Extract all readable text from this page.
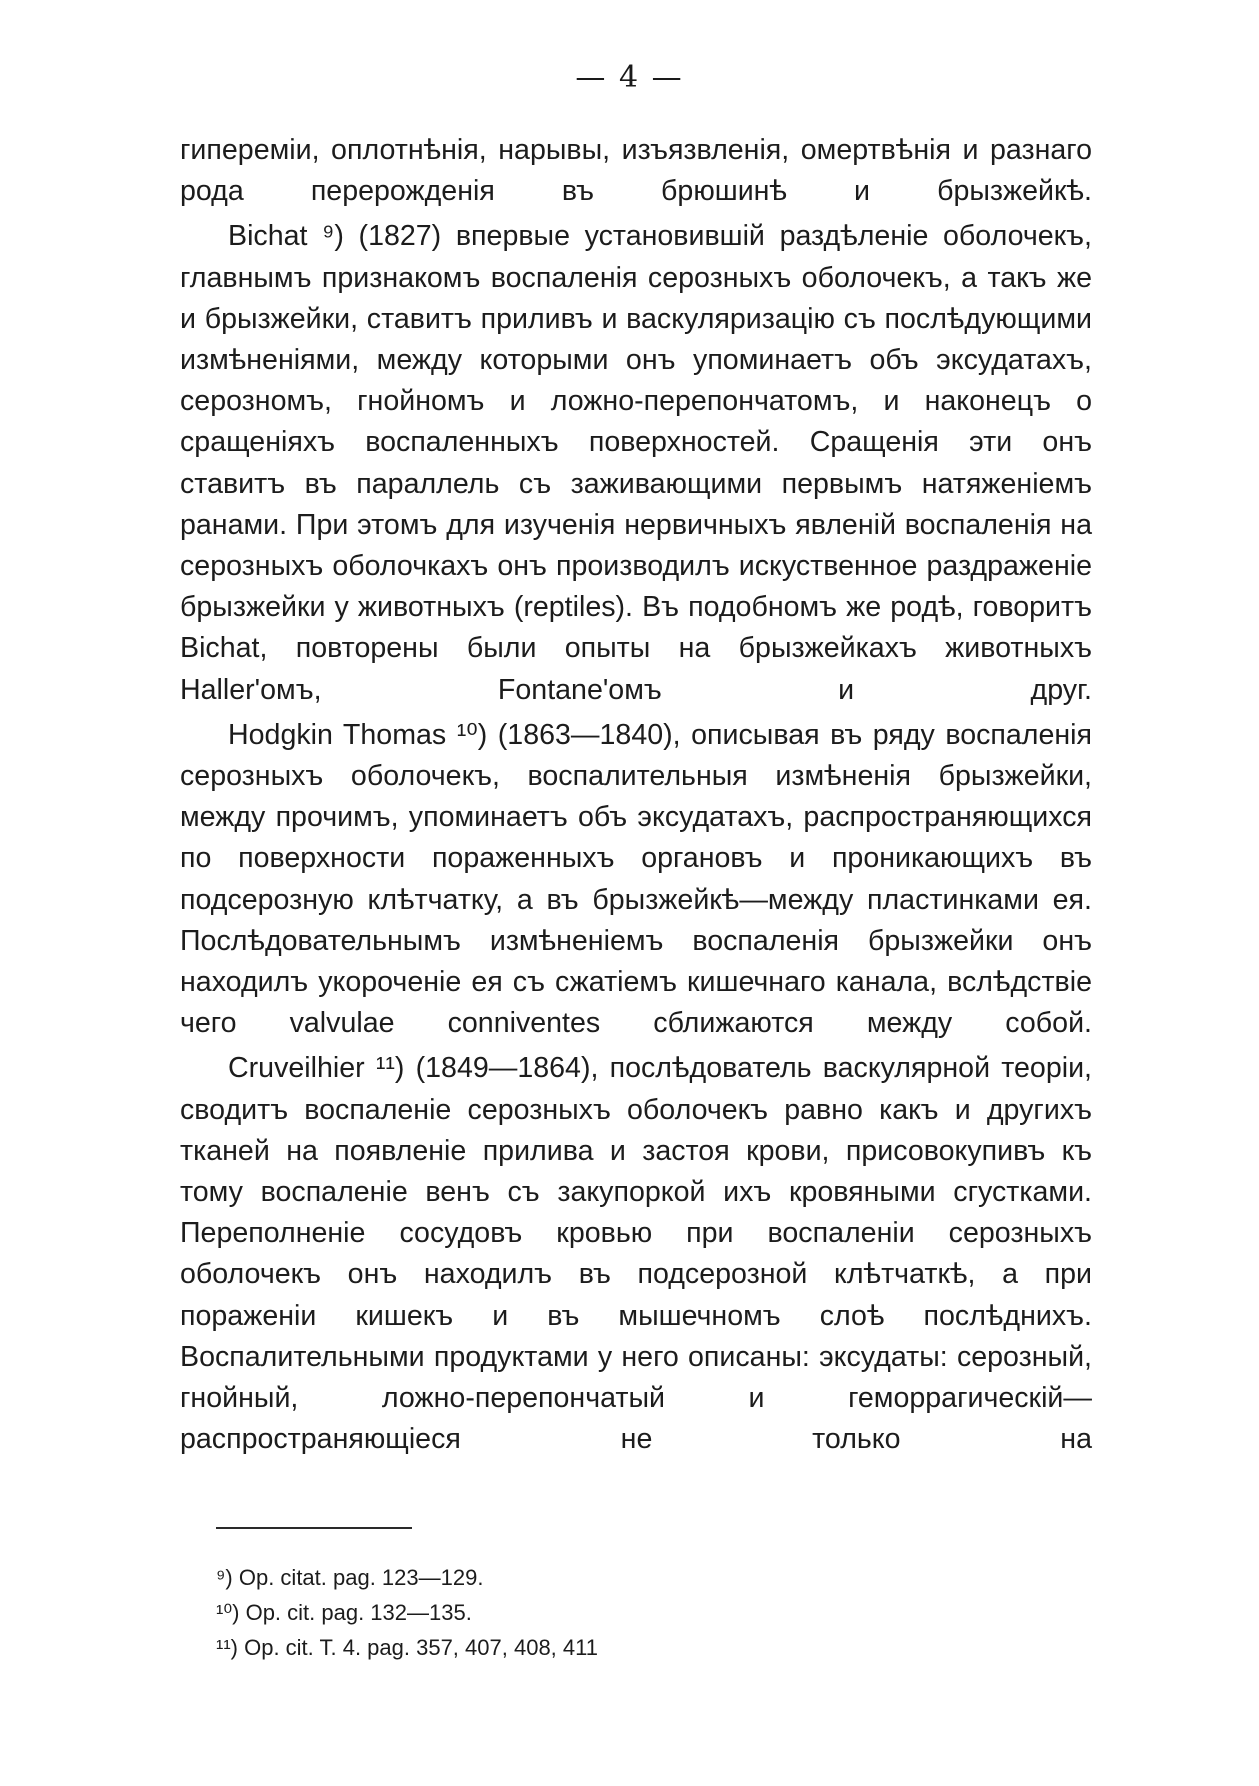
— 4 —

гипереміи, оплотнѣнія, нарывы, изъязвленія, омертвѣнія и разнаго рода перерожденія въ брюшинѣ и брызжейкѣ.

Bichat ⁹) (1827) впервые установившій раздѣленіе оболочекъ, главнымъ признакомъ воспаленія серозныхъ оболочекъ, а такъ же и брызжейки, ставитъ приливъ и васкуляризацію съ послѣдующими измѣненіями, между которыми онъ упоминаетъ объ эксудатахъ, серозномъ, гнойномъ и ложно-перепончатомъ, и наконецъ о сращеніяхъ воспаленныхъ поверхностей. Сращенія эти онъ ставитъ въ параллель съ заживающими первымъ натяженіемъ ранами. При этомъ для изученія нервичныхъ явленій воспаленія на серозныхъ оболочкахъ онъ производилъ искуственное раздраженіе брызжейки у животныхъ (reptiles). Въ подобномъ же родѣ, говоритъ Bichat, повторены были опыты на брызжейкахъ животныхъ Haller'омъ, Fontane'омъ и друг.

Hodgkin Thomas ¹⁰) (1863—1840), описывая въ ряду воспаленія серозныхъ оболочекъ, воспалительныя измѣненія брызжейки, между прочимъ, упоминаетъ объ эксудатахъ, распространяющихся по поверхности пораженныхъ органовъ и проникающихъ въ подсерозную клѣтчатку, а въ брызжейкѣ—между пластинками ея. Послѣдовательнымъ измѣненіемъ воспаленія брызжейки онъ находилъ укороченіе ея съ сжатіемъ кишечнаго канала, вслѣдствіе чего valvulae conniventes сближаются между собой.

Cruveilhier ¹¹) (1849—1864), послѣдователь васкулярной теоріи, сводитъ воспаленіе серозныхъ оболочекъ равно какъ и другихъ тканей на появленіе прилива и застоя крови, присовокупивъ къ тому воспаленіе венъ съ закупоркой ихъ кровяными сгустками. Переполненіе сосудовъ кровью при воспаленіи серозныхъ оболочекъ онъ находилъ въ подсерозной клѣтчаткѣ, а при пораженіи кишекъ и въ мышечномъ слоѣ послѣднихъ. Воспалительными продуктами у него описаны: эксудаты: серозный, гнойный, ложно-перепончатый и геморрагическій—распространяющіеся не только на

⁹) Op. citat. pag. 123—129.

¹⁰) Op. cit. pag. 132—135.

¹¹) Op. cit. T. 4. pag. 357, 407, 408, 411
